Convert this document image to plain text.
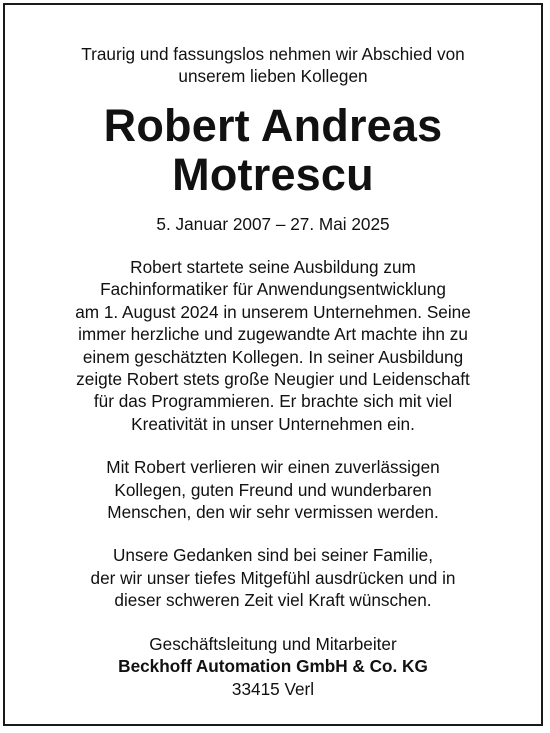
Traurig und fassungslos nehmen wir Abschied von
unserem lieben Kollegen
Robert Andreas
Motrescu
5. Januar 2007 – 27. Mai 2025
Robert startete seine Ausbildung zum
Fachinformatiker für Anwendungsentwicklung
am 1. August 2024 in unserem Unternehmen. Seine
immer herzliche und zugewandte Art machte ihn zu
einem geschätzten Kollegen. In seiner Ausbildung
zeigte Robert stets große Neugier und Leidenschaft
für das Programmieren. Er brachte sich mit viel
Kreativität in unser Unternehmen ein.
Mit Robert verlieren wir einen zuverlässigen
Kollegen, guten Freund und wunderbaren
Menschen, den wir sehr vermissen werden.
Unsere Gedanken sind bei seiner Familie,
der wir unser tiefes Mitgefühl ausdrücken und in
dieser schweren Zeit viel Kraft wünschen.
Geschäftsleitung und Mitarbeiter
Beckhoff Automation GmbH & Co. KG
33415 Verl
